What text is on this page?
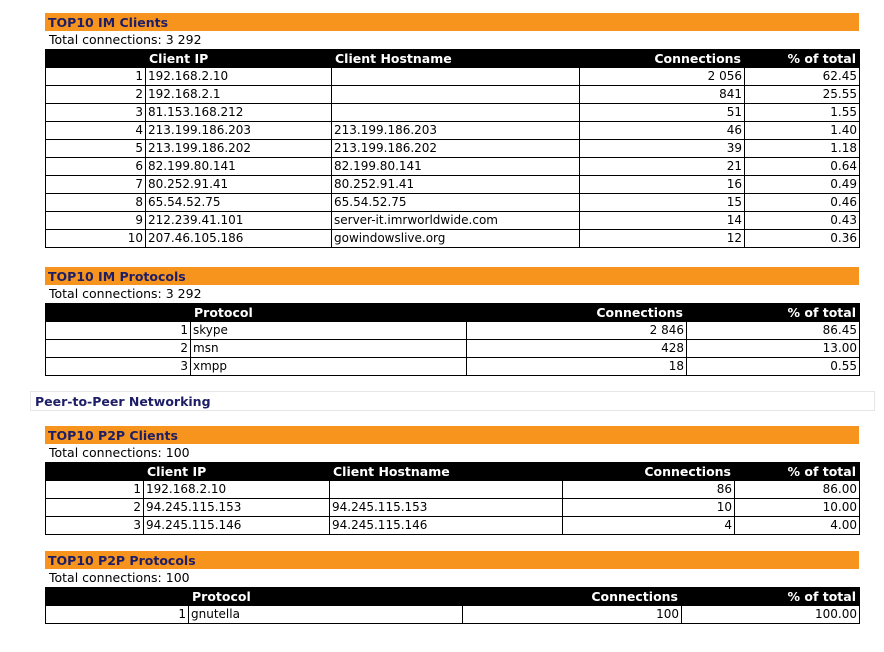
TOP10 IM Clients
Total connections: 3 292
	Client IP	Client Hostname	Connections	% of total
1	192.168.2.10		2 056	62.45
2	192.168.2.1		841	25.55
3	81.153.168.212		51	1.55
4	213.199.186.203	213.199.186.203	46	1.40
5	213.199.186.202	213.199.186.202	39	1.18
6	82.199.80.141	82.199.80.141	21	0.64
7	80.252.91.41	80.252.91.41	16	0.49
8	65.54.52.75	65.54.52.75	15	0.46
9	212.239.41.101	server-it.imrworldwide.com	14	0.43
10	207.46.105.186	gowindowslive.org	12	0.36
TOP10 IM Protocols
Total connections: 3 292
	Protocol	Connections	% of total
1	skype	2 846	86.45
2	msn	428	13.00
3	xmpp	18	0.55
Peer-to-Peer Networking
TOP10 P2P Clients
Total connections: 100
	Client IP	Client Hostname	Connections	% of total
1	192.168.2.10		86	86.00
2	94.245.115.153	94.245.115.153	10	10.00
3	94.245.115.146	94.245.115.146	4	4.00
TOP10 P2P Protocols
Total connections: 100
	Protocol	Connections	% of total
1	gnutella	100	100.00
